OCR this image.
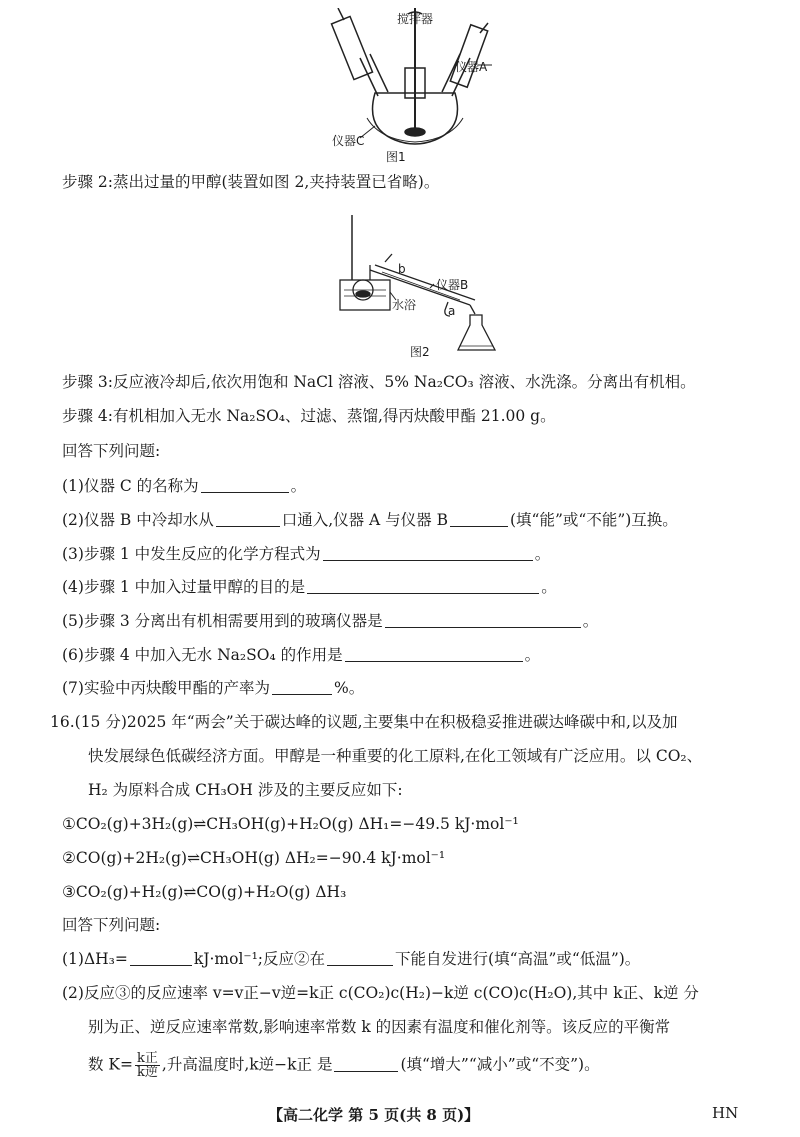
搅拌器
仪器A
仪器C
图1
步骤 2:蒸出过量的甲醇(装置如图 2,夹持装置已省略)。
b
仪器B
水浴	a
图2
步骤 3:反应液冷却后,依次用饱和 NaCl 溶液、5% Na₂CO₃ 溶液、水洗涤。分离出有机相。
步骤 4:有机相加入无水 Na₂SO₄、过滤、蒸馏,得丙炔酸甲酯 21.00 g。
回答下列问题:
(1)仪器 C 的名称为	。
(2)仪器 B 中冷却水从	口通入,仪器 A 与仪器 B	(填“能”或“不能”)互换。
(3)步骤 1 中发生反应的化学方程式为	。
(4)步骤 1 中加入过量甲醇的目的是	。
(5)步骤 3 分离出有机相需要用到的玻璃仪器是	。
(6)步骤 4 中加入无水 Na₂SO₄ 的作用是	。
(7)实验中丙炔酸甲酯的产率为	%。
16.(15 分)2025 年“两会”关于碳达峰的议题,主要集中在积极稳妥推进碳达峰碳中和,以及加
快发展绿色低碳经济方面。甲醇是一种重要的化工原料,在化工领域有广泛应用。以 CO₂、
H₂ 为原料合成 CH₃OH 涉及的主要反应如下:
①CO₂(g)+3H₂(g)⇌CH₃OH(g)+H₂O(g) ΔH₁=−49.5 kJ·mol⁻¹
②CO(g)+2H₂(g)⇌CH₃OH(g) ΔH₂=−90.4 kJ·mol⁻¹
③CO₂(g)+H₂(g)⇌CO(g)+H₂O(g) ΔH₃
回答下列问题:
(1)ΔH₃=	kJ·mol⁻¹;反应②在	下能自发进行(填“高温”或“低温”)。
(2)反应③的反应速率 v=v正−v逆=k正 c(CO₂)c(H₂)−k逆 c(CO)c(H₂O),其中 k正、k逆 分
别为正、逆反应速率常数,影响速率常数 k 的因素有温度和催化剂等。该反应的平衡常
数 $K= \frac{\text{k正}}{\text{k逆}}$ ,升高温度时,k逆−k正 是	(填“增大”“减小”或“不变”)。
【高二化学 第 5 页(共 8 页)】	HN
